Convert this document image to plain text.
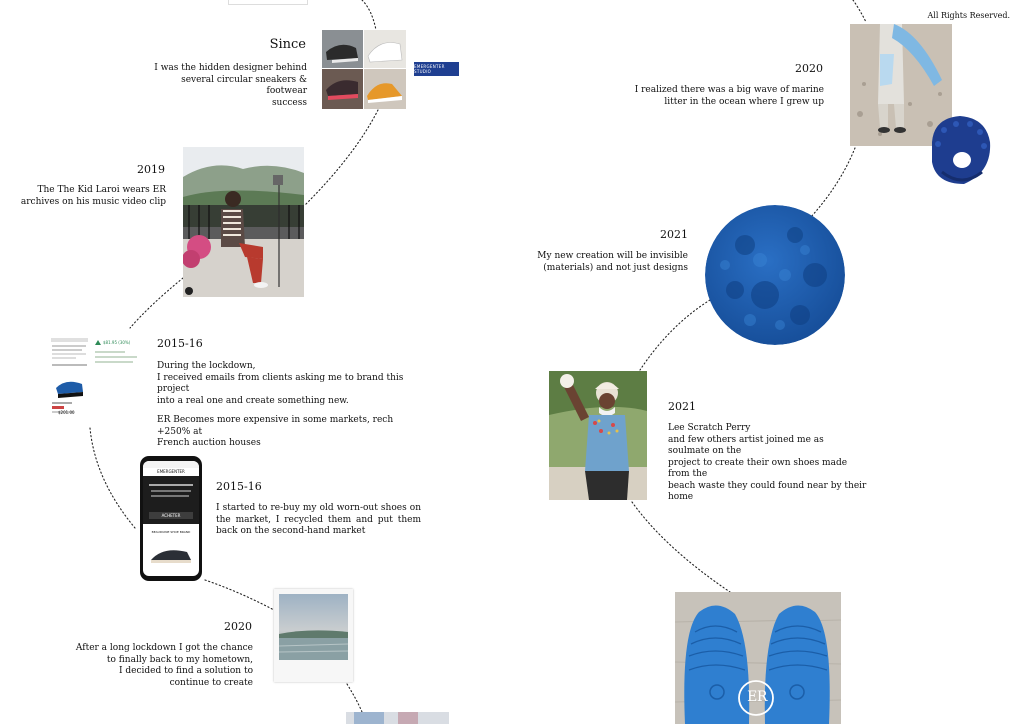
All Rights Reserved.
Since
I was the hidden designer behind
several circular sneakers & footwear
success
EMERGENTER STUDIO
2019
The The Kid Laroi wears ER
archives on his music video clip
$81.95 (30%)
$201.00
2015-16
During the lockdown,
I received emails from clients asking me to brand this project
into a real one and create something new.
ER Becomes more expensive in some markets, rech +250% at
French auction houses
EMERGENTER
ACHETER
BEAUDUINE SHOE BRAND
2015-16
I started to re-buy my old worn-out shoes on the market, I recycled them and put them back on the second-hand market
2020
After a long lockdown I got the chance
to finally back to my hometown,
I decided to find a solution to
continue to create
2020
I realized there was a big wave of marine
litter in the ocean where I grew up
2021
My new creation will be invisible
(materials) and not just designs
2021
Lee Scratch Perry
and few others artist joined me as soulmate on the
project to create their own shoes made from the
beach waste they could found near by their home
ER
